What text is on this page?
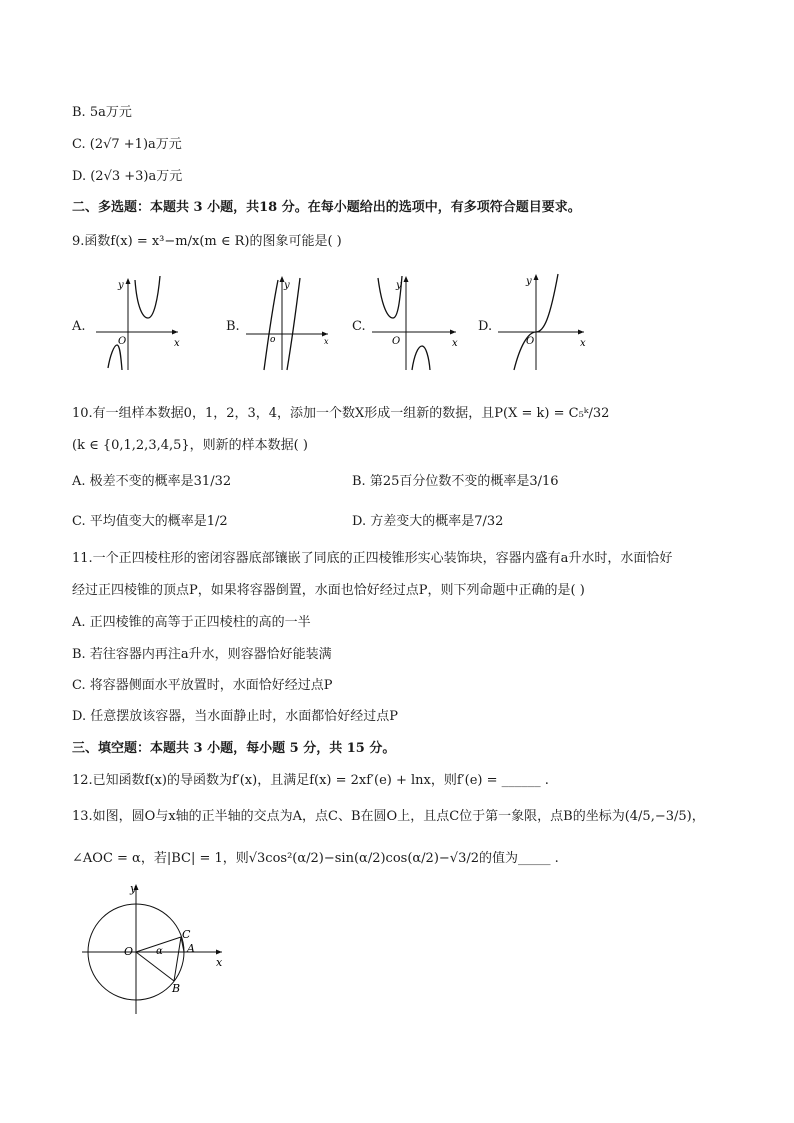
B. 5a万元
C. (2√7 +1)a万元
D. (2√3 +3)a万元
二、多选题：本题共 3 小题，共18 分。在每小题给出的选项中，有多项符合题目要求。
9.函数f(x) = x³−m/x(m ∈ R)的图象可能是( )
A.
y
x
O
B.
y
x
o
C.
y
x
O
D.
y
x
O
10.有一组样本数据0，1，2，3，4，添加一个数X形成一组新的数据，且P(X = k) = C₅ᵏ/32
(k ∈ {0,1,2,3,4,5}，则新的样本数据( )
A. 极差不变的概率是31/32	B. 第25百分位数不变的概率是3/16
C. 平均值变大的概率是1/2	D. 方差变大的概率是7/32
11.一个正四棱柱形的密闭容器底部镶嵌了同底的正四棱锥形实心装饰块，容器内盛有a升水时，水面恰好
经过正四棱锥的顶点P，如果将容器倒置，水面也恰好经过点P，则下列命题中正确的是( )
A. 正四棱锥的高等于正四棱柱的高的一半
B. 若往容器内再注a升水，则容器恰好能装满
C. 将容器侧面水平放置时，水面恰好经过点P
D. 任意摆放该容器，当水面静止时，水面都恰好经过点P
三、填空题：本题共 3 小题，每小题 5 分，共 15 分。
12.已知函数f(x)的导函数为f′(x)，且满足f(x) = 2xf′(e) + lnx，则f′(e) = ______ .
13.如图，圆O与x轴的正半轴的交点为A，点C、B在圆O上，且点C位于第一象限，点B的坐标为(4/5,−3/5)，
∠AOC = α，若|BC| = 1，则√3cos²(α/2)−sin(α/2)cos(α/2)−√3/2的值为_____ .
y
x
O α
C
A
B
